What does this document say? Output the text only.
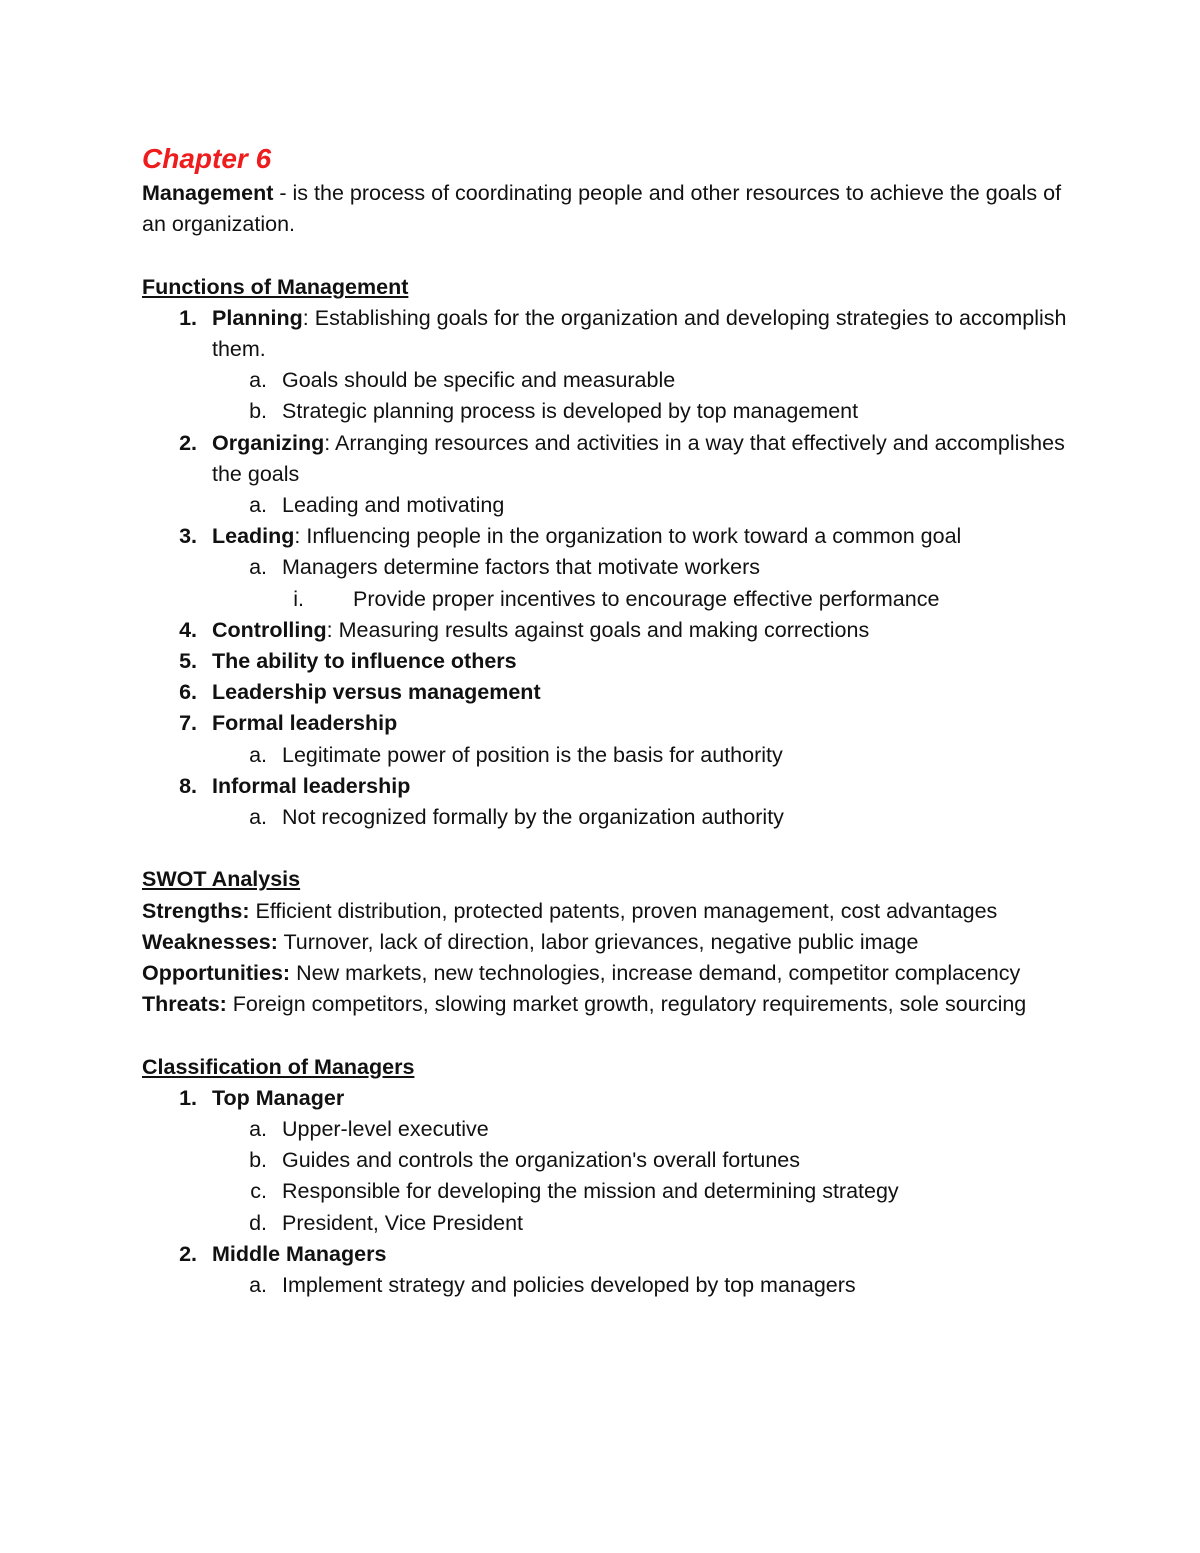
Chapter 6

Management - is the process of coordinating people and other resources to achieve the goals of an organization.

Functions of Management

1. Planning: Establishing goals for the organization and developing strategies to accomplish them.
a. Goals should be specific and measurable
b. Strategic planning process is developed by top management
2. Organizing: Arranging resources and activities in a way that effectively and accomplishes the goals
a. Leading and motivating
3. Leading: Influencing people in the organization to work toward a common goal
a. Managers determine factors that motivate workers
i. Provide proper incentives to encourage effective performance
4. Controlling: Measuring results against goals and making corrections
5. The ability to influence others
6. Leadership versus management
7. Formal leadership
a. Legitimate power of position is the basis for authority
8. Informal leadership
a. Not recognized formally by the organization authority

SWOT Analysis

Strengths: Efficient distribution, protected patents, proven management, cost advantages

Weaknesses: Turnover, lack of direction, labor grievances, negative public image

Opportunities: New markets, new technologies, increase demand, competitor complacency

Threats: Foreign competitors, slowing market growth, regulatory requirements, sole sourcing

Classification of Managers

1. Top Manager
a. Upper-level executive
b. Guides and controls the organization's overall fortunes
c. Responsible for developing the mission and determining strategy
d. President, Vice President
2. Middle Managers
a. Implement strategy and policies developed by top managers
